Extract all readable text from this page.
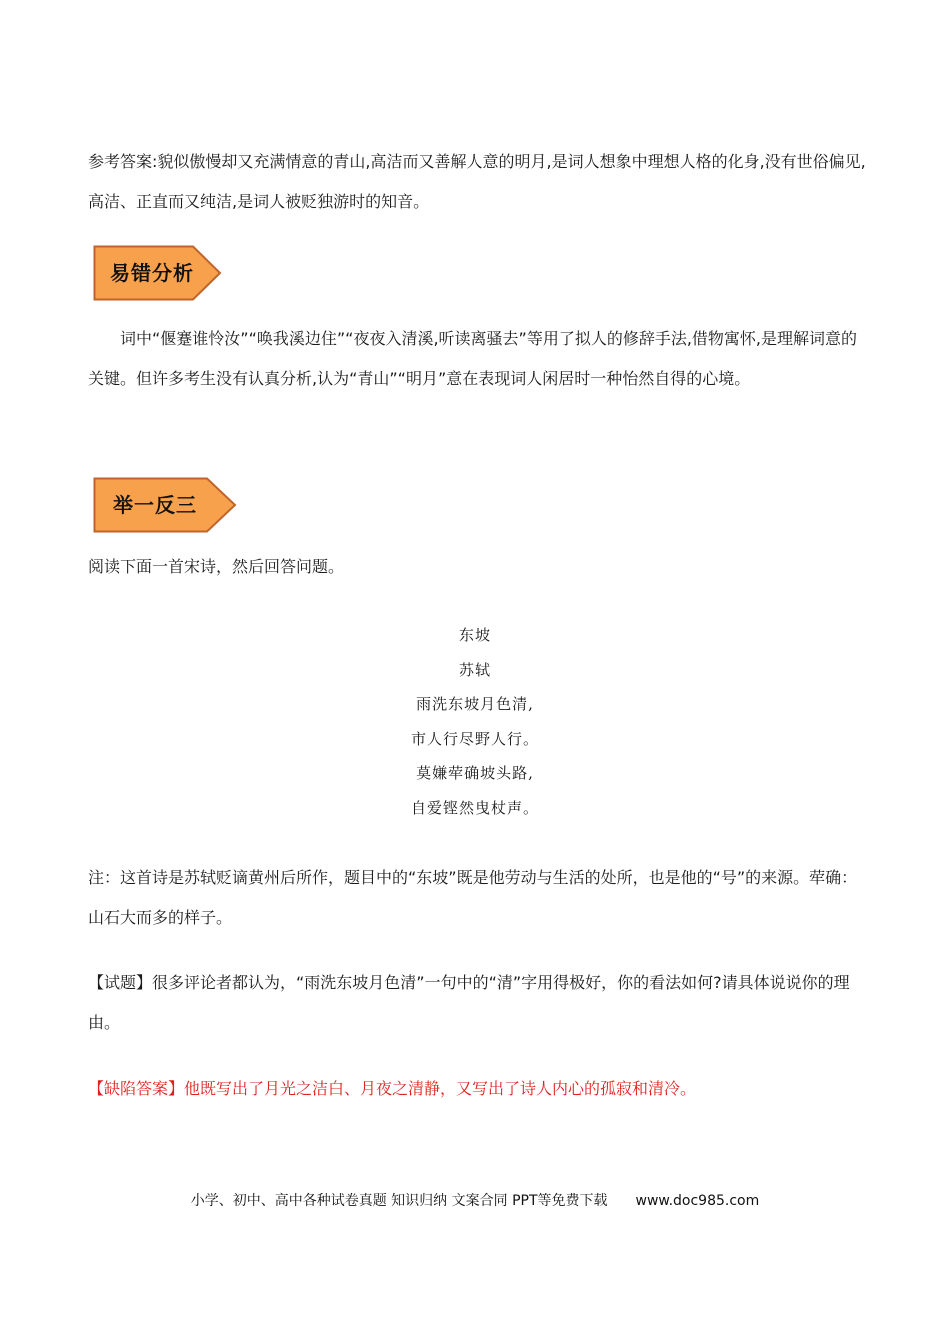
参考答案:貌似傲慢却又充满情意的青山,高洁而又善解人意的明月,是词人想象中理想人格的化身,没有世俗偏见,高洁、正直而又纯洁,是词人被贬独游时的知音。

易错分析

词中“偃蹇谁怜汝”“唤我溪边住”“夜夜入清溪,听读离骚去”等用了拟人的修辞手法,借物寓怀,是理解词意的关键。但许多考生没有认真分析,认为“青山”“明月”意在表现词人闲居时一种怡然自得的心境。

举一反三

阅读下面一首宋诗，然后回答问题。

东坡
苏轼
雨洗东坡月色清,
市人行尽野人行。
莫嫌荦确坡头路,
自爱铿然曳杖声。

注：这首诗是苏轼贬谪黄州后所作，题目中的“东坡”既是他劳动与生活的处所，也是他的“号”的来源。荦确：山石大而多的样子。

【试题】很多评论者都认为，“雨洗东坡月色清”一句中的“清”字用得极好，你的看法如何?请具体说说你的理由。

【缺陷答案】他既写出了月光之洁白、月夜之清静，又写出了诗人内心的孤寂和清冷。

小学、初中、高中各种试卷真题 知识归纳 文案合同 PPT等免费下载 www.doc985.com
